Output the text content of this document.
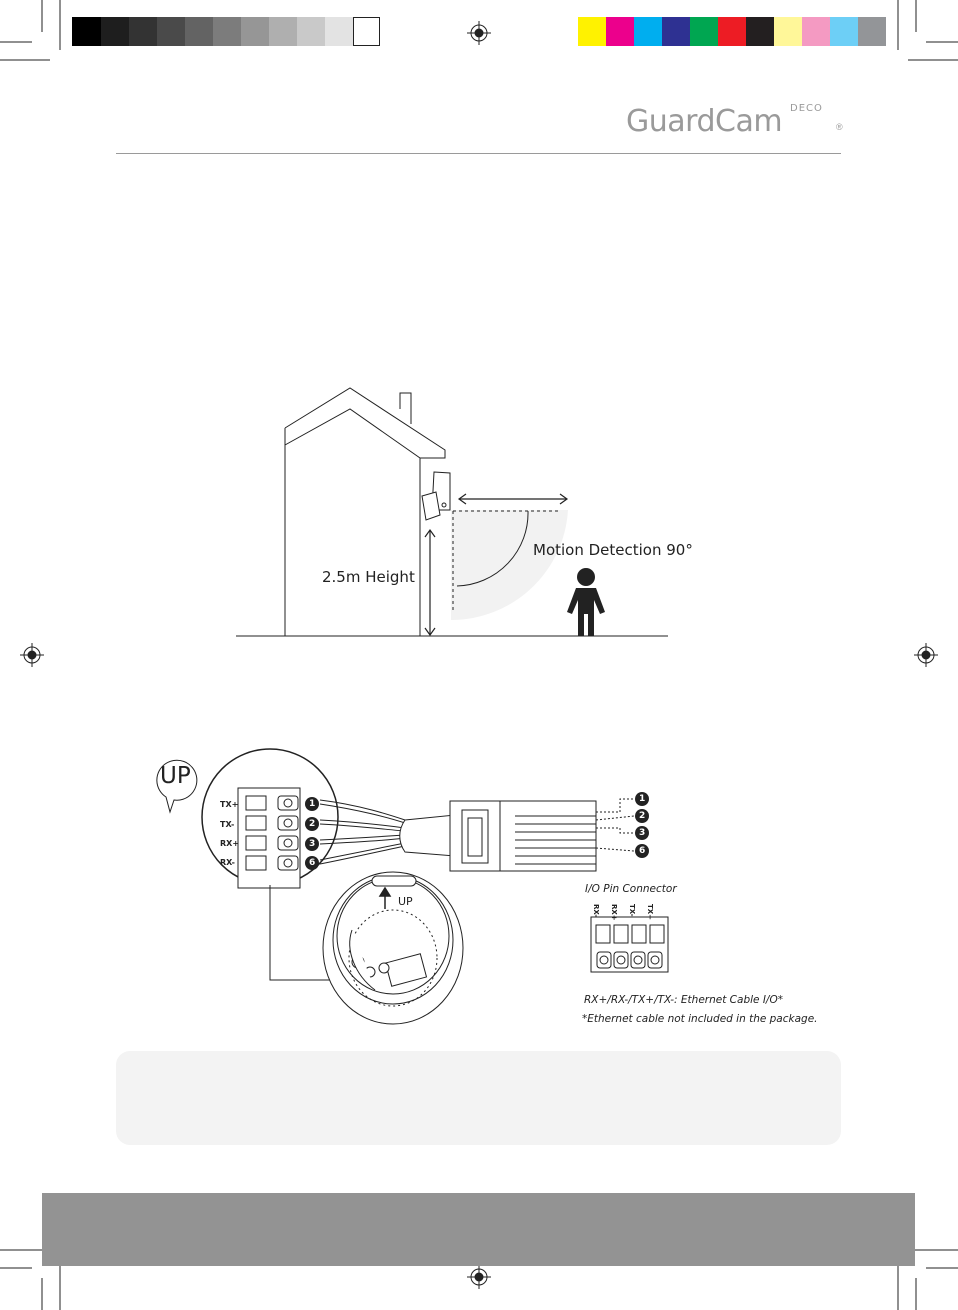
GuardCam DECO
®
2.5m Height
Motion Detection 90°
UP
TX+
TX-
RX+
RX-
1
2
3
6
1
2
3
6
UP
I/O Pin Connector
RX- RX+ TX- TX+
RX+/RX-/TX+/TX-: Ethernet Cable I/O*
*Ethernet cable not included in the package.
